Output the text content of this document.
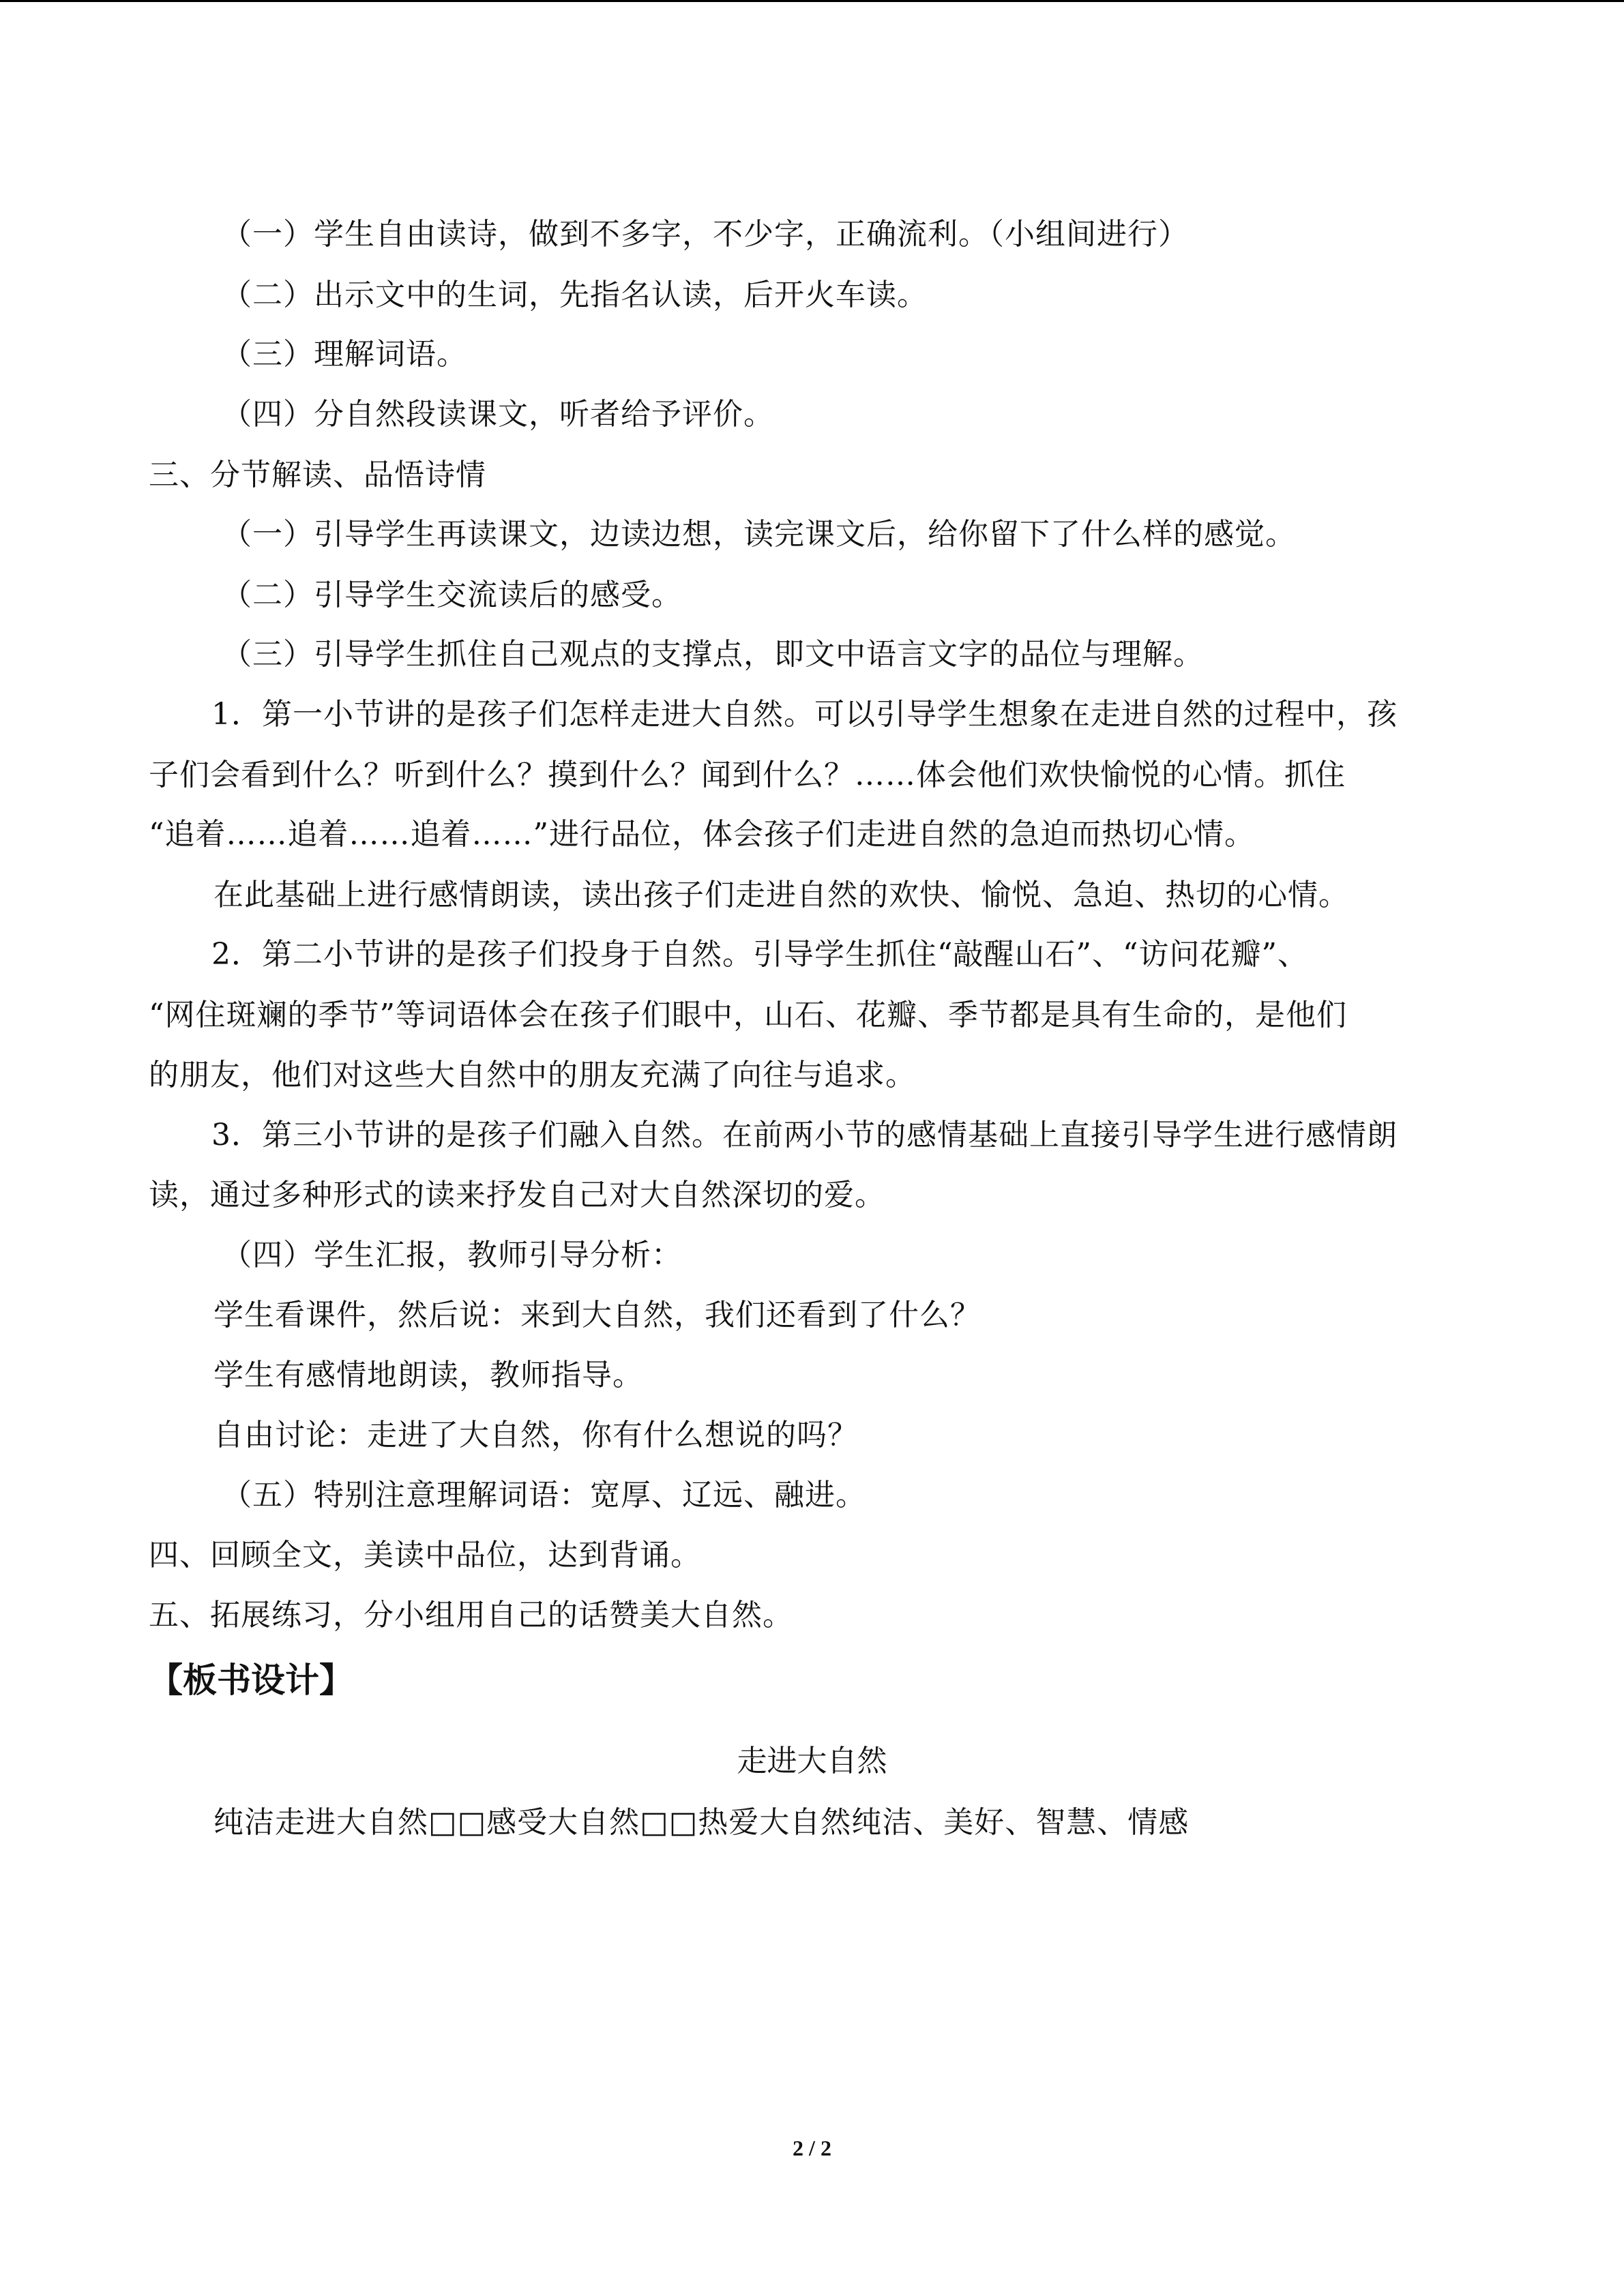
（一）学生自由读诗，做到不多字，不少字，正确流利。（小组间进行）
（二）出示文中的生词，先指名认读，后开火车读。
（三）理解词语。
（四）分自然段读课文，听者给予评价。
三、分节解读、品悟诗情
（一）引导学生再读课文，边读边想，读完课文后，给你留下了什么样的感觉。
（二）引导学生交流读后的感受。
（三）引导学生抓住自己观点的支撑点，即文中语言文字的品位与理解。
1．第一小节讲的是孩子们怎样走进大自然。可以引导学生想象在走进自然的过程中，孩
子们会看到什么？听到什么？摸到什么？闻到什么？……体会他们欢快愉悦的心情。抓住
“追着……追着……追着……”进行品位，体会孩子们走进自然的急迫而热切心情。
在此基础上进行感情朗读，读出孩子们走进自然的欢快、愉悦、急迫、热切的心情。
2．第二小节讲的是孩子们投身于自然。引导学生抓住“敲醒山石”、“访问花瓣”、
“网住斑斓的季节”等词语体会在孩子们眼中，山石、花瓣、季节都是具有生命的，是他们
的朋友，他们对这些大自然中的朋友充满了向往与追求。
3．第三小节讲的是孩子们融入自然。在前两小节的感情基础上直接引导学生进行感情朗
读，通过多种形式的读来抒发自己对大自然深切的爱。
（四）学生汇报，教师引导分析：
学生看课件，然后说：来到大自然，我们还看到了什么？
学生有感情地朗读，教师指导。
自由讨论：走进了大自然，你有什么想说的吗？
（五）特别注意理解词语：宽厚、辽远、融进。
四、回顾全文，美读中品位，达到背诵。
五、拓展练习，分小组用自己的话赞美大自然。
【板书设计】
走进大自然
纯洁走进大自然□□感受大自然□□热爱大自然纯洁、美好、智慧、情感
2 / 2
